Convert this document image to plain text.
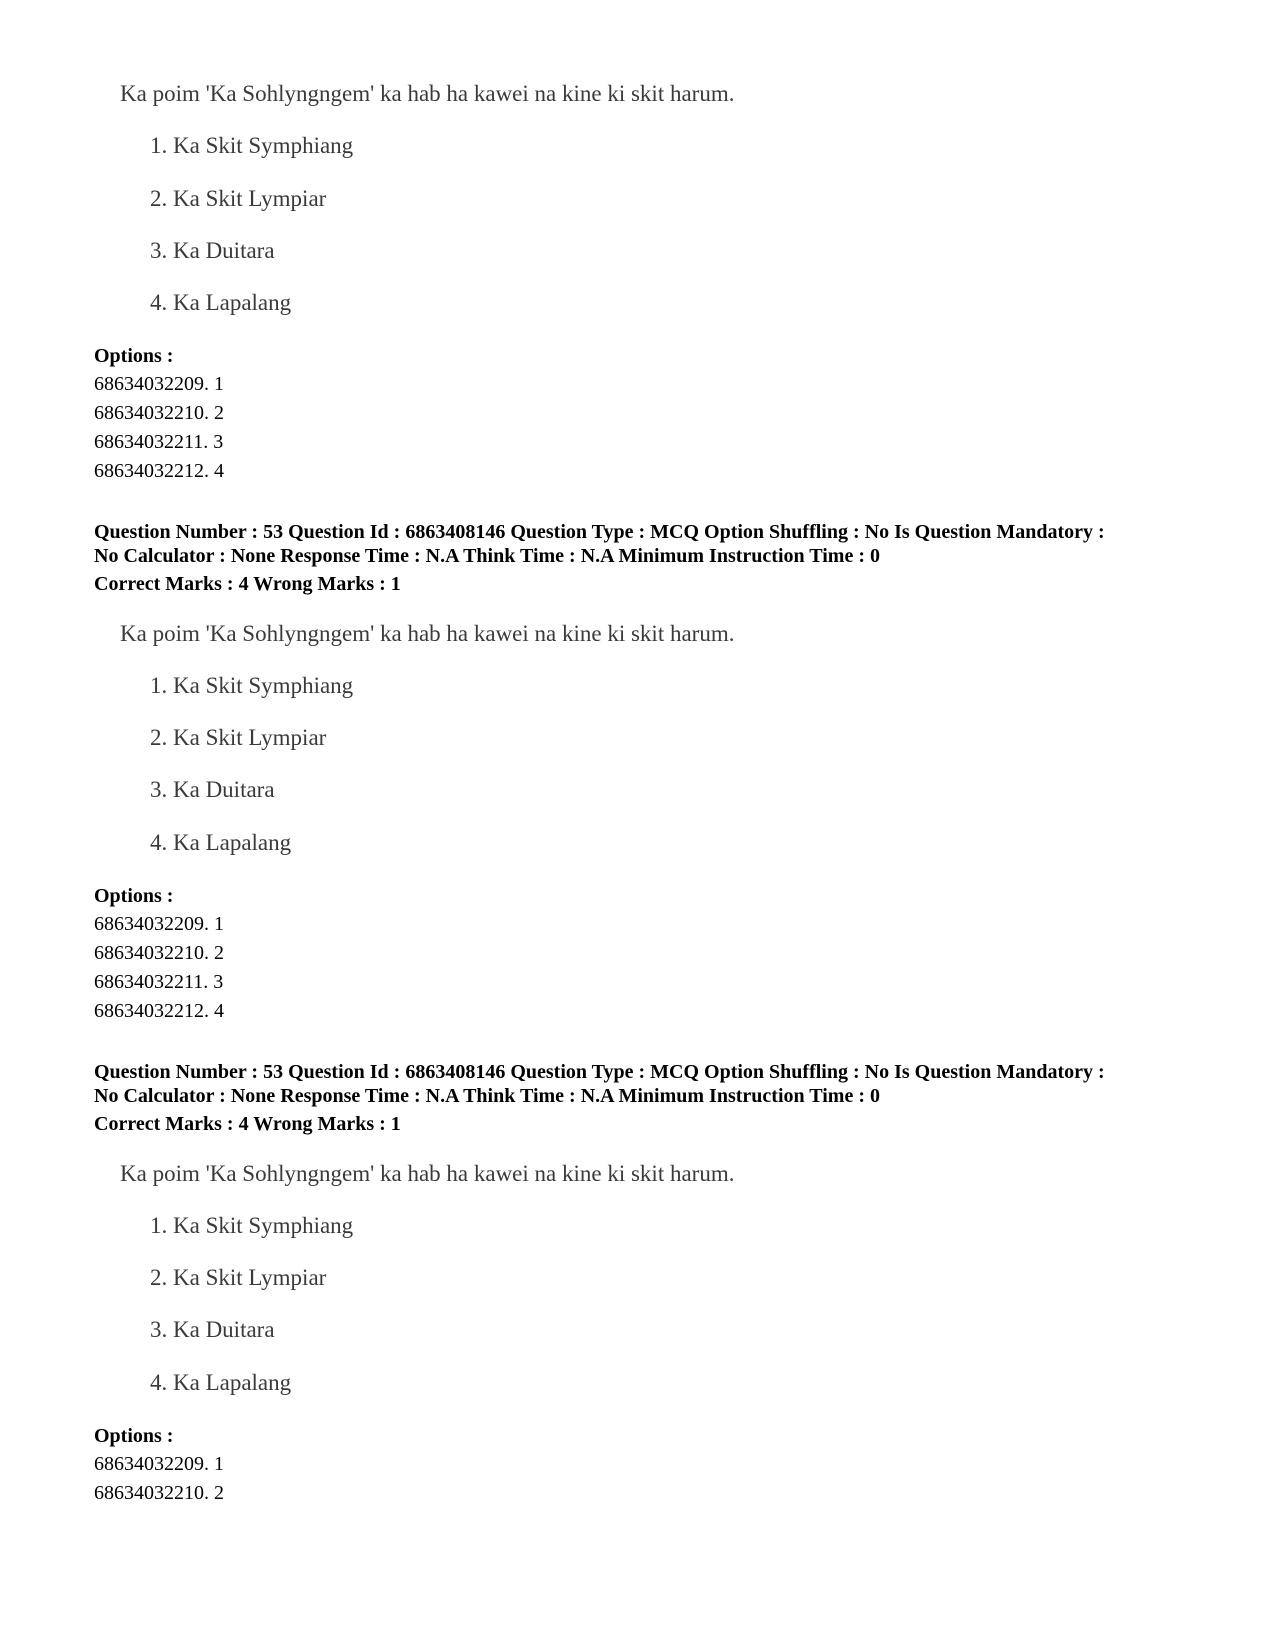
Ka poim 'Ka Sohlyngngem' ka hab ha kawei na kine ki skit harum.

1. Ka Skit Symphiang

2. Ka Skit Lympiar

3. Ka Duitara

4. Ka Lapalang

Options :

68634032209. 1
68634032210. 2
68634032211. 3
68634032212. 4
Question Number : 53 Question Id : 6863408146 Question Type : MCQ Option Shuffling : No Is Question Mandatory :
No Calculator : None Response Time : N.A Think Time : N.A Minimum Instruction Time : 0
Correct Marks : 4 Wrong Marks : 1

Ka poim 'Ka Sohlyngngem' ka hab ha kawei na kine ki skit harum.

1. Ka Skit Symphiang

2. Ka Skit Lympiar

3. Ka Duitara

4. Ka Lapalang

Options :

68634032209. 1
68634032210. 2
68634032211. 3
68634032212. 4
Question Number : 53 Question Id : 6863408146 Question Type : MCQ Option Shuffling : No Is Question Mandatory :
No Calculator : None Response Time : N.A Think Time : N.A Minimum Instruction Time : 0
Correct Marks : 4 Wrong Marks : 1

Ka poim 'Ka Sohlyngngem' ka hab ha kawei na kine ki skit harum.

1. Ka Skit Symphiang

2. Ka Skit Lympiar

3. Ka Duitara

4. Ka Lapalang

Options :

68634032209. 1
68634032210. 2
